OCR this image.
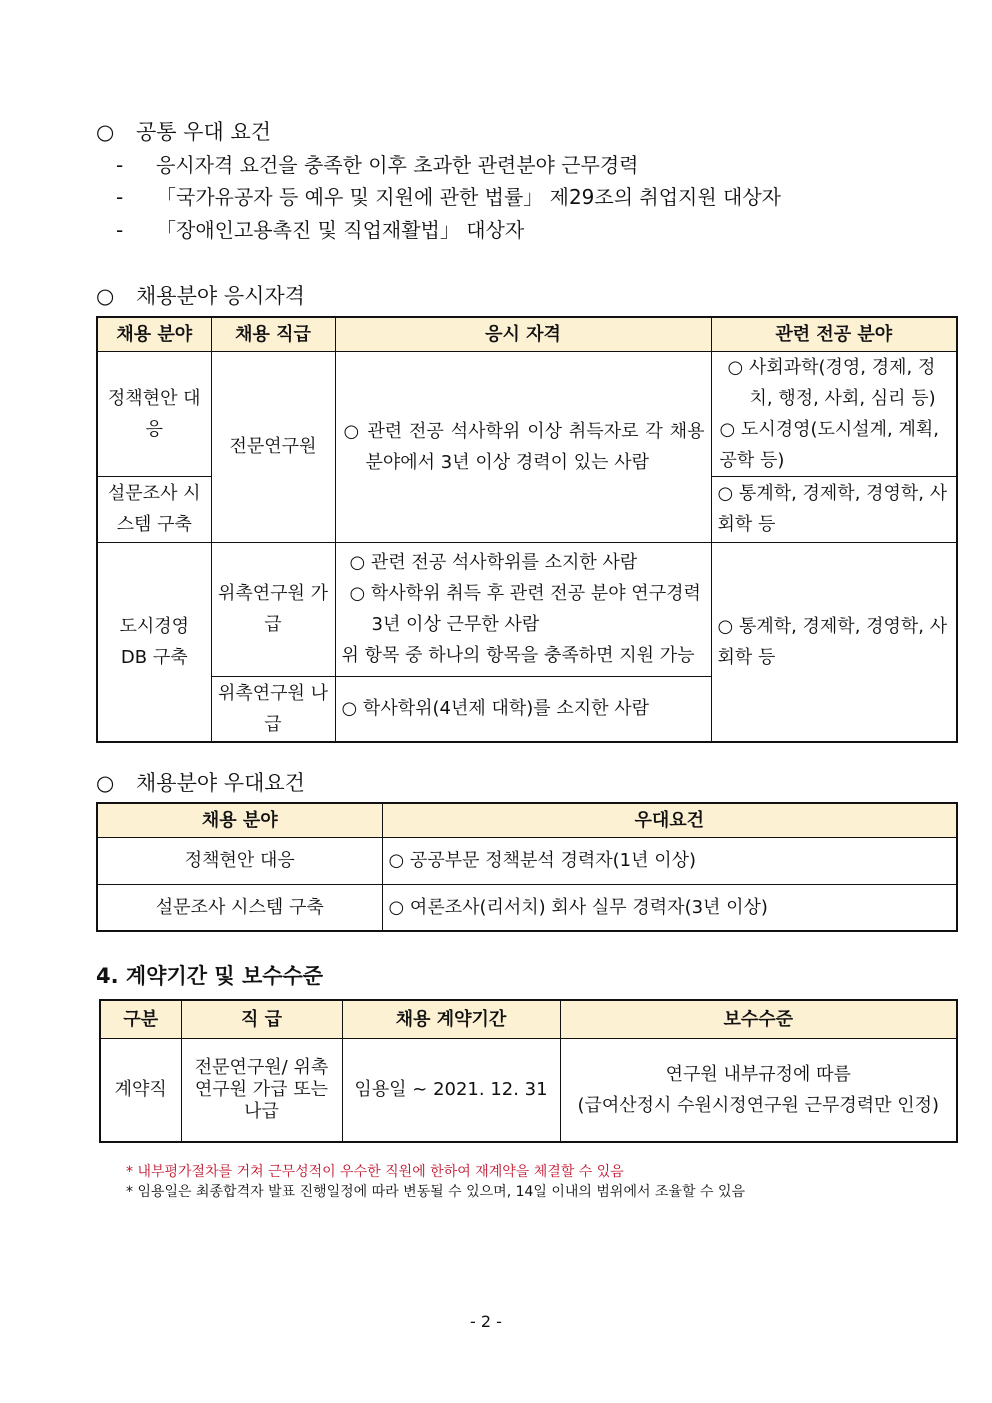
○ 공통 우대 요건
- 응시자격 요건을 충족한 이후 초과한 관련분야 근무경력
- 「국가유공자 등 예우 및 지원에 관한 법률」 제29조의 취업지원 대상자
- 「장애인고용촉진 및 직업재활법」 대상자
○ 채용분야 응시자격
채용 분야	채용 직급	응시 자격	관련 전공 분야
정책현안 대응	전문연구원	○ 관련 전공 석사학위 이상 취득자로 각 채용 분야에서 3년 이상 경력이 있는 사람	○ 사회과학(경영, 경제, 정치, 행정, 사회, 심리 등)
○ 도시경영(도시설계, 계획, 공학 등)

설문조사 시스템 구축			○ 통계학, 경제학, 경영학, 사회학 등
도시경영 DB 구축	위촉연구원 가급	○ 관련 전공 석사학위를 소지한 사람
○ 학사학위 취득 후 관련 전공 분야 연구경력 3년 이상 근무한 사람
위 항목 중 하나의 항목을 충족하면 지원 가능	○ 통계학, 경제학, 경영학, 사회학 등
	위촉연구원 나급	○ 학사학위(4년제 대학)를 소지한 사람	
○ 채용분야 우대요건
채용 분야	우대요건
정책현안 대응	○ 공공부문 정책분석 경력자(1년 이상)
설문조사 시스템 구축	○ 여론조사(리서치) 회사 실무 경력자(3년 이상)
4. 계약기간 및 보수수준
구분	직 급	채용 계약기간	보수수준
계약직	전문연구원/ 위촉연구원 가급 또는 나급	임용일 ~ 2021. 12. 31	연구원 내부규정에 따름
(급여산정시 수원시정연구원 근무경력만 인정)
* 내부평가절차를 거쳐 근무성적이 우수한 직원에 한하여 재계약을 체결할 수 있음
* 임용일은 최종합격자 발표 진행일정에 따라 변동될 수 있으며, 14일 이내의 범위에서 조율할 수 있음
- 2 -
